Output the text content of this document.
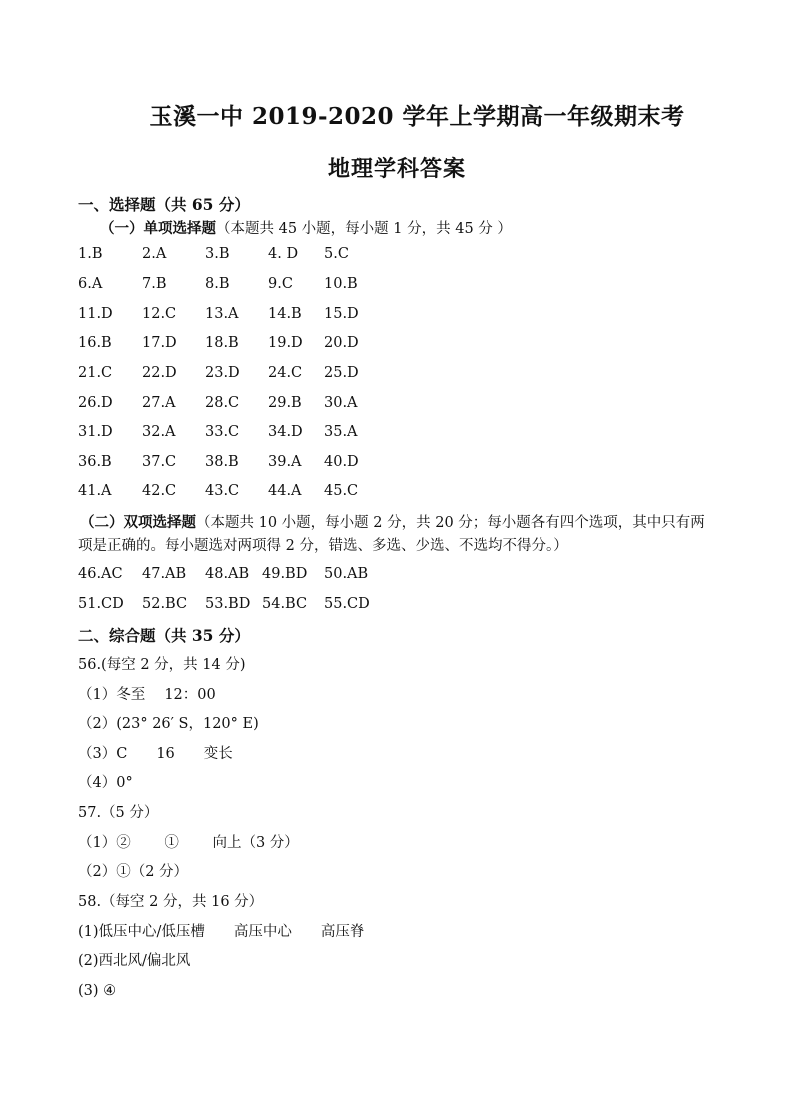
玉溪一中 2019-2020 学年上学期高一年级期末考
地理学科答案
一、选择题（共 65 分）
（一）单项选择题（本题共 45 小题，每小题 1 分，共 45 分 ）
1.B	2.A	3.B	4. D 5.C
6.A	7.B	8.B	9.C 10.B
11.D 12.C 13.A 14.B 15.D
16.B 17.D 18.B 19.D 20.D
21.C 22.D 23.D 24.C 25.D
26.D 27.A 28.C 29.B 30.A
31.D 32.A 33.C 34.D 35.A
36.B 37.C 38.B 39.A 40.D
41.A 42.C 43.C 44.A 45.C
（二）双项选择题（本题共 10 小题，每小题 2 分，共 20 分；每小题各有四个选项，其中只有两
项是正确的。每小题选对两项得 2 分，错选、多选、少选、不选均不得分。）
46.AC 47.AB 48.AB 49.BD 50.AB
51.CD 52.BC 53.BD 54.BC 55.CD
二、综合题（共 35 分）
56.(每空 2 分，共 14 分)
（1）冬至　 12：00
（2）(23° 26′ S，120° E)
（3）C　　16　　变长
（4）0°
57.（5 分）
（1）②　　 ①　　 向上（3 分）
（2）①（2 分）
58.（每空 2 分，共 16 分）
(1)低压中心/低压槽　　高压中心　　高压脊
(2)西北风/偏北风
(3) ④
